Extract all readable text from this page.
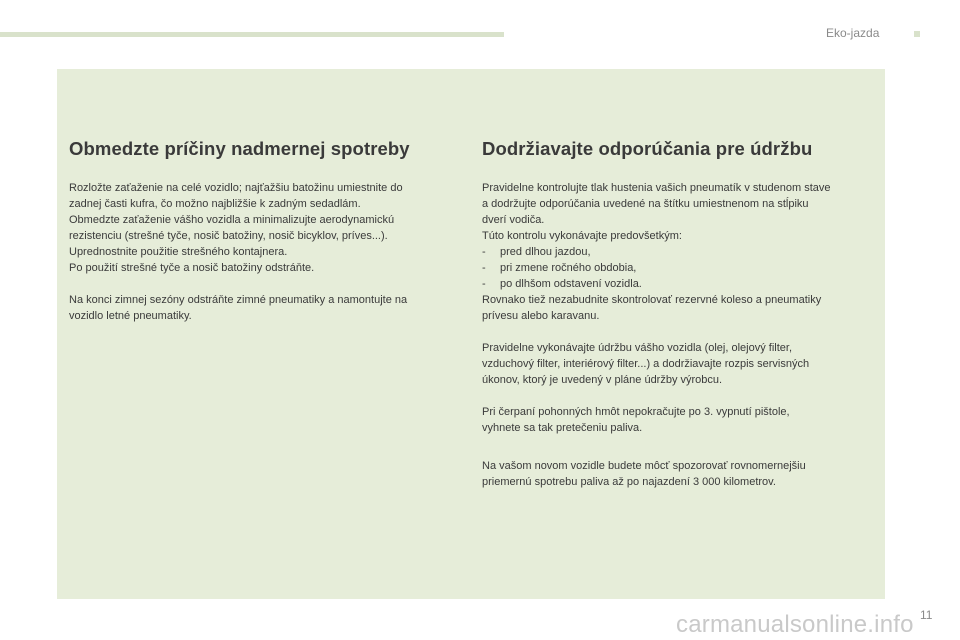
Eko-jazda
Obmedzte príčiny nadmernej spotreby

Rozložte zaťaženie na celé vozidlo; najťažšiu batožinu umiestnite do
zadnej časti kufra, čo možno najbližšie k zadným sedadlám.
Obmedzte zaťaženie vášho vozidla a minimalizujte aerodynamickú
rezistenciu (strešné tyče, nosič batožiny, nosič bicyklov, príves...).
Uprednostnite použitie strešného kontajnera.
Po použití strešné tyče a nosič batožiny odstráňte.

Na konci zimnej sezóny odstráňte zimné pneumatiky a namontujte na
vozidlo letné pneumatiky.

Dodržiavajte odporúčania pre údržbu

Pravidelne kontrolujte tlak hustenia vašich pneumatík v studenom stave
a dodržujte odporúčania uvedené na štítku umiestnenom na stĺpiku
dverí vodiča.
Túto kontrolu vykonávajte predovšetkým:
- pred dlhou jazdou,
- pri zmene ročného obdobia,
- po dlhšom odstavení vozidla.
Rovnako tiež nezabudnite skontrolovať rezervné koleso a pneumatiky
prívesu alebo karavanu.

Pravidelne vykonávajte údržbu vášho vozidla (olej, olejový filter,
vzduchový filter, interiérový filter...) a dodržiavajte rozpis servisných
úkonov, ktorý je uvedený v pláne údržby výrobcu.

Pri čerpaní pohonných hmôt nepokračujte po 3. vypnutí pištole,
vyhnete sa tak pretečeniu paliva.

Na vašom novom vozidle budete môcť spozorovať rovnomernejšiu
priemernú spotrebu paliva až po najazdení 3 000 kilometrov.

carmanualsonline.info 11
